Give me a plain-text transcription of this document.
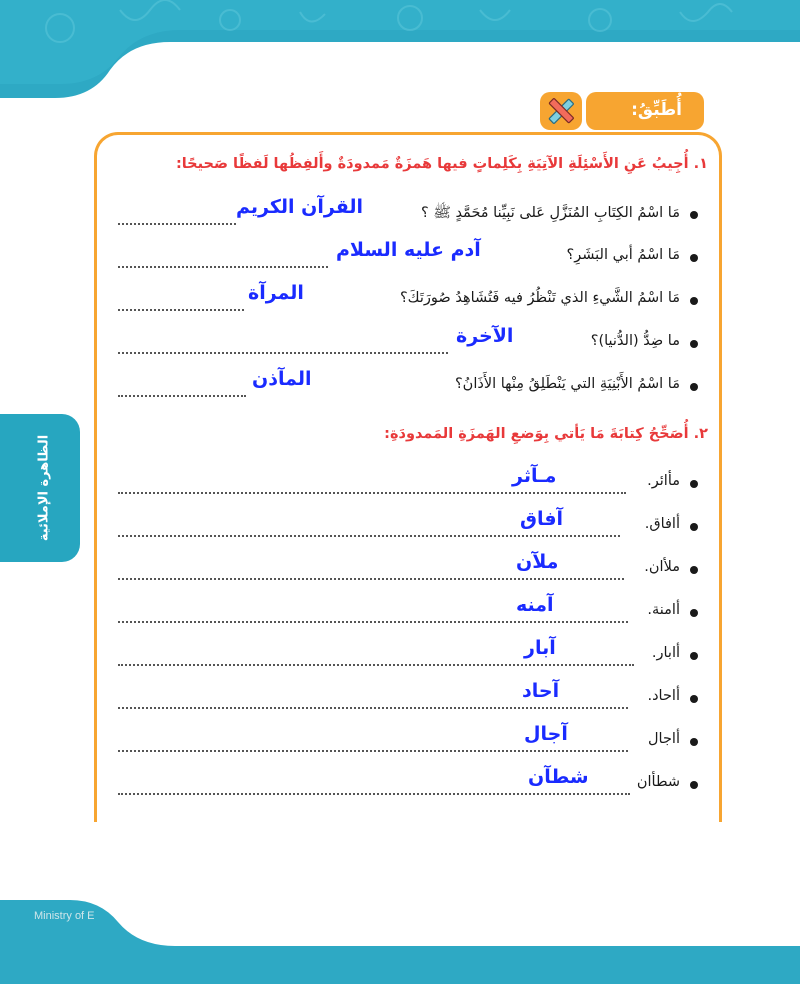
الظاهرة الإملائية
أُطَبِّقُ:
١. أُجِيبُ عَنِ الأَسْئِلَةِ الآتِيَةِ بِكَلِماتٍ فيها هَمزَةٌ مَمدودَةٌ وأَلفِظُها لَفظًا صَحيحًا:
مَا اسْمُ الكِتَابِ المُنَزَّلِ عَلى نَبِيِّنا مُحَمَّدٍ ﷺ ؟
القرآن الكريم
مَا اسْمُ أبي البَشَرِ؟
آدم عليه السلام
مَا اسْمُ الشَّيءِ الذي تَنْظُرُ فيه فَتُشَاهِدُ صُورَتَكَ؟
المرآة
ما ضِدُّ (الدُّنيا)؟
الآخرة
مَا اسْمُ الأَبْنِيَةِ التي يَنْطَلِقُ مِنْها الأَذَانُ؟
المآذن
٢. أُصَحِّحُ كِتابَةَ مَا يَأتي بِوَضعِ الهَمزَةِ المَمدودَةِ:
مأائر.
مـآثر
أافاق.
آفاق
ملأان.
ملآن
أامنة.
آمنه
أابار.
آبار
أاحاد.
آحاد
أاجال
آجال
شطأان
شطآن
Ministry of E
